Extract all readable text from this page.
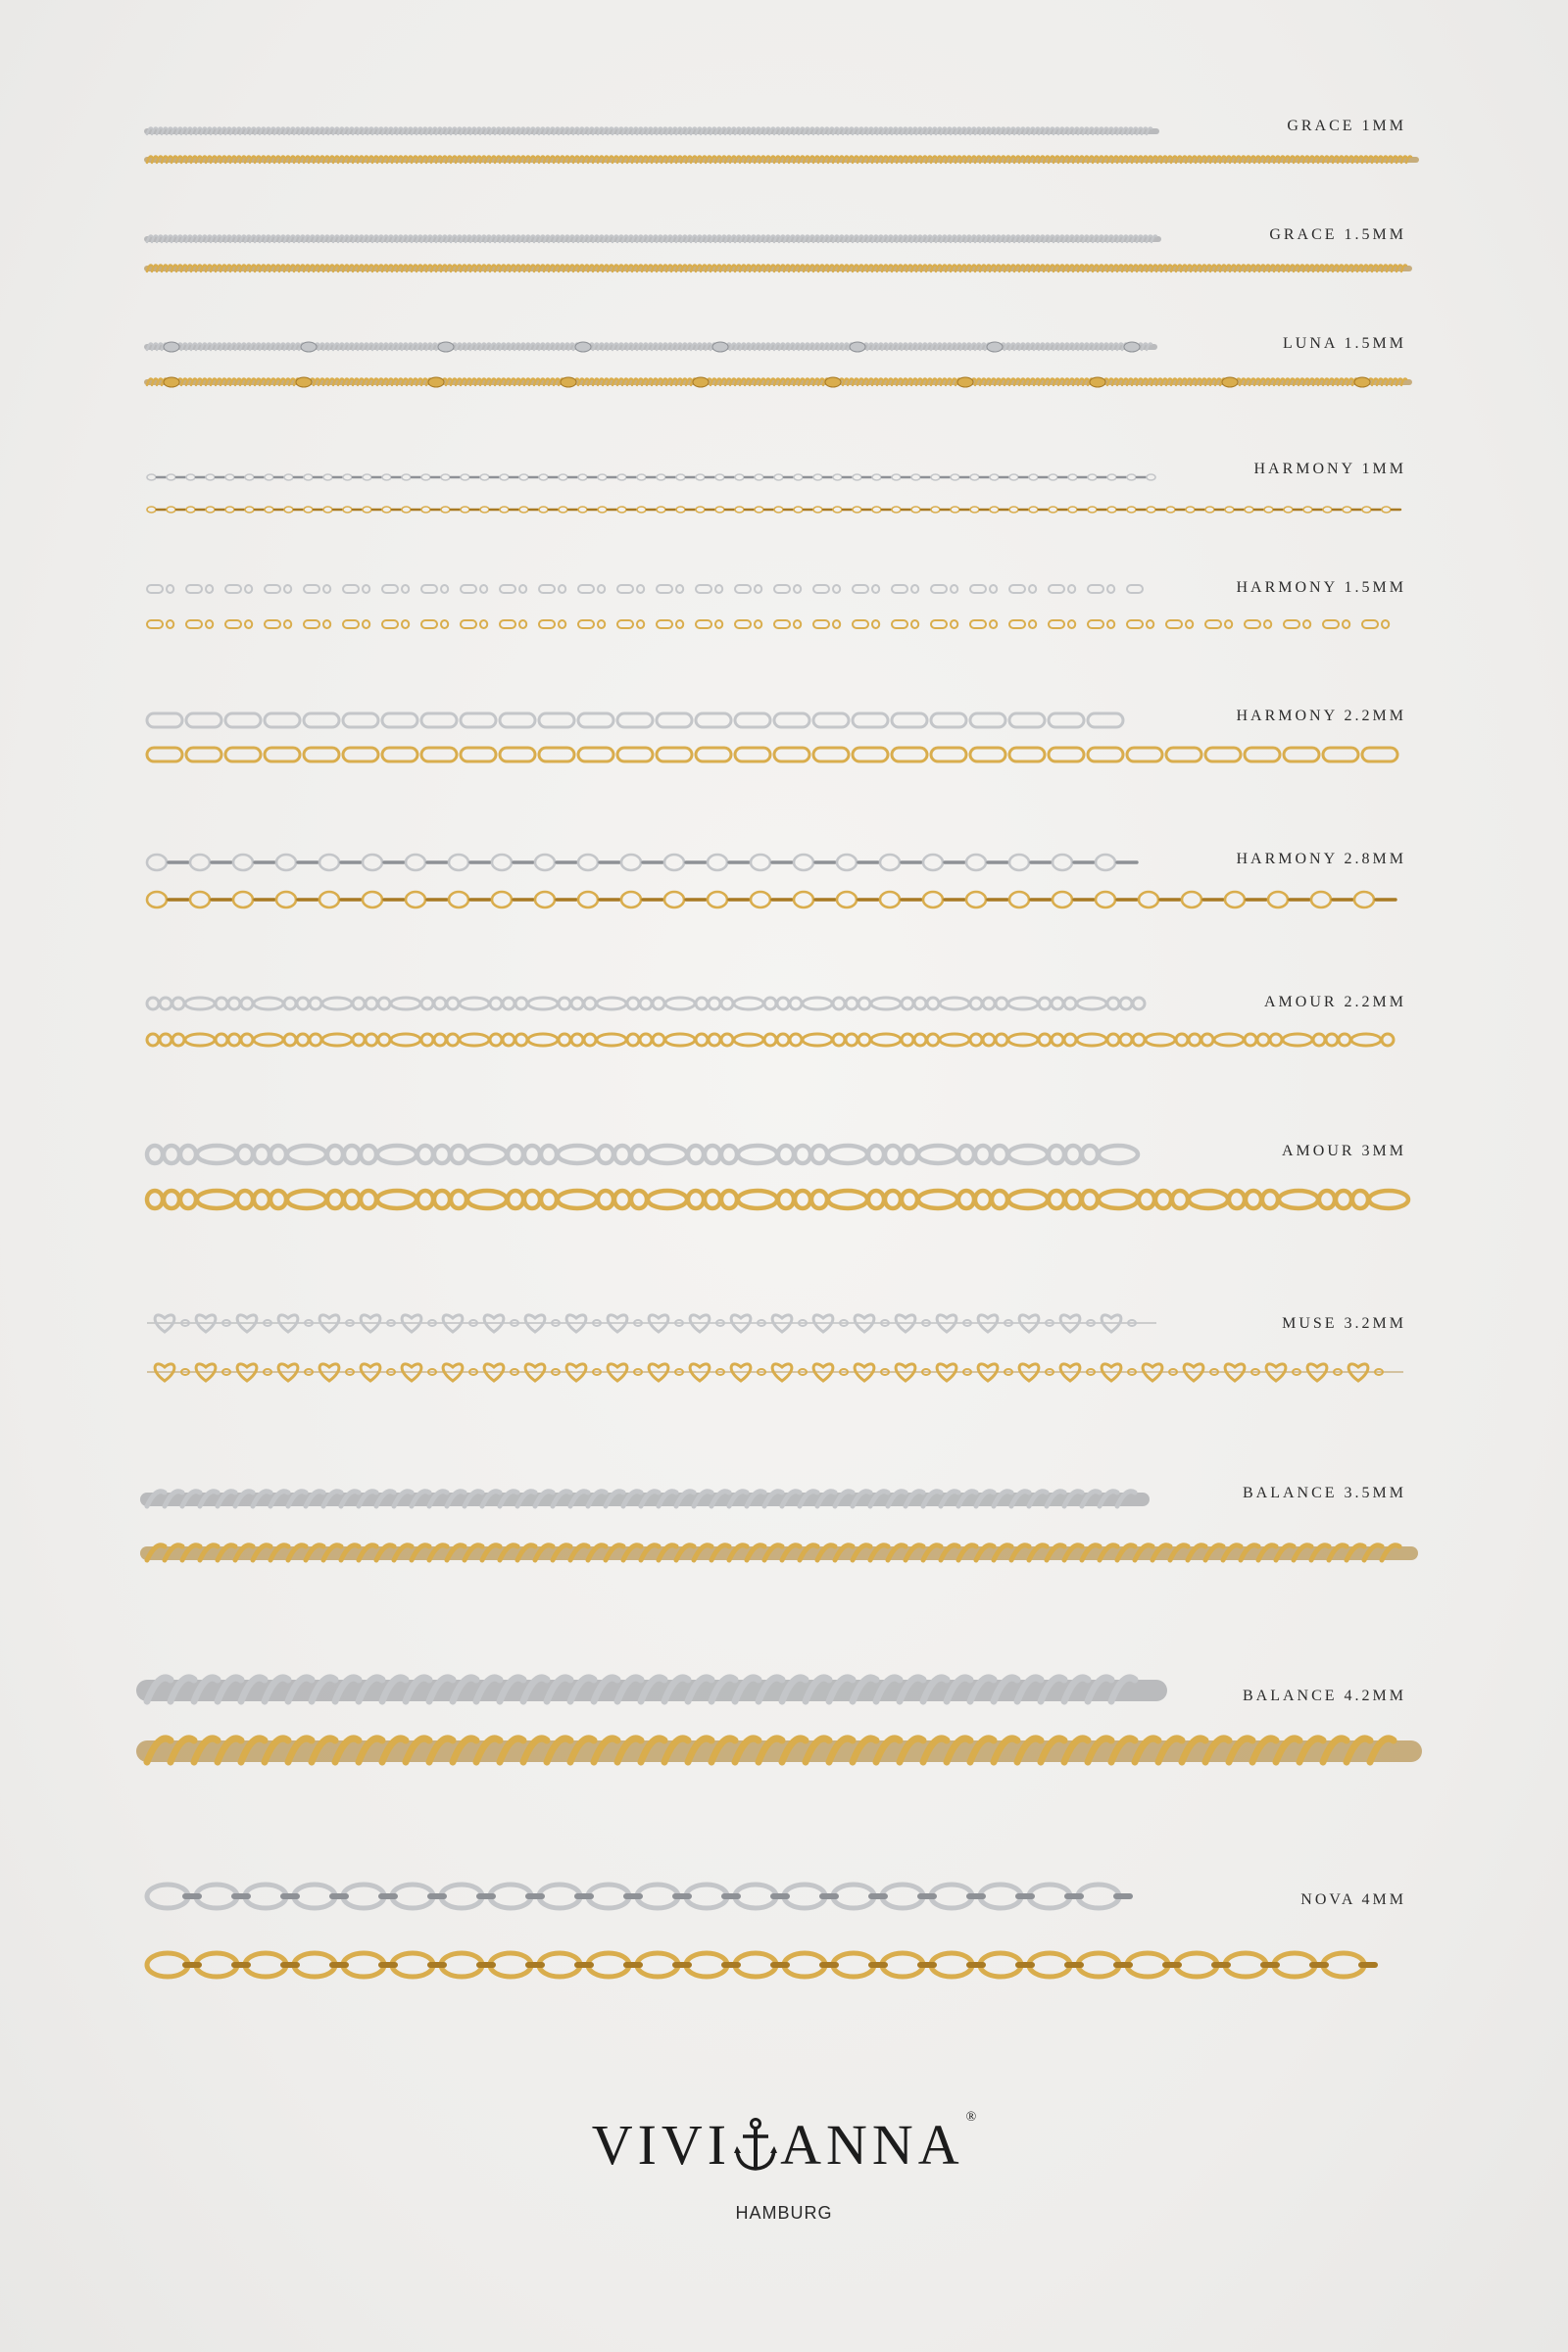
GRACE 1MM
GRACE 1.5MM
LUNA 1.5MM
HARMONY 1MM
HARMONY 1.5MM
HARMONY 2.2MM
HARMONY 2.8MM
AMOUR 2.2MM
AMOUR 3MM
MUSE 3.2MM
BALANCE 3.5MM
BALANCE 4.2MM
NOVA 4MM
VIVI ANNA ®
HAMBURG
